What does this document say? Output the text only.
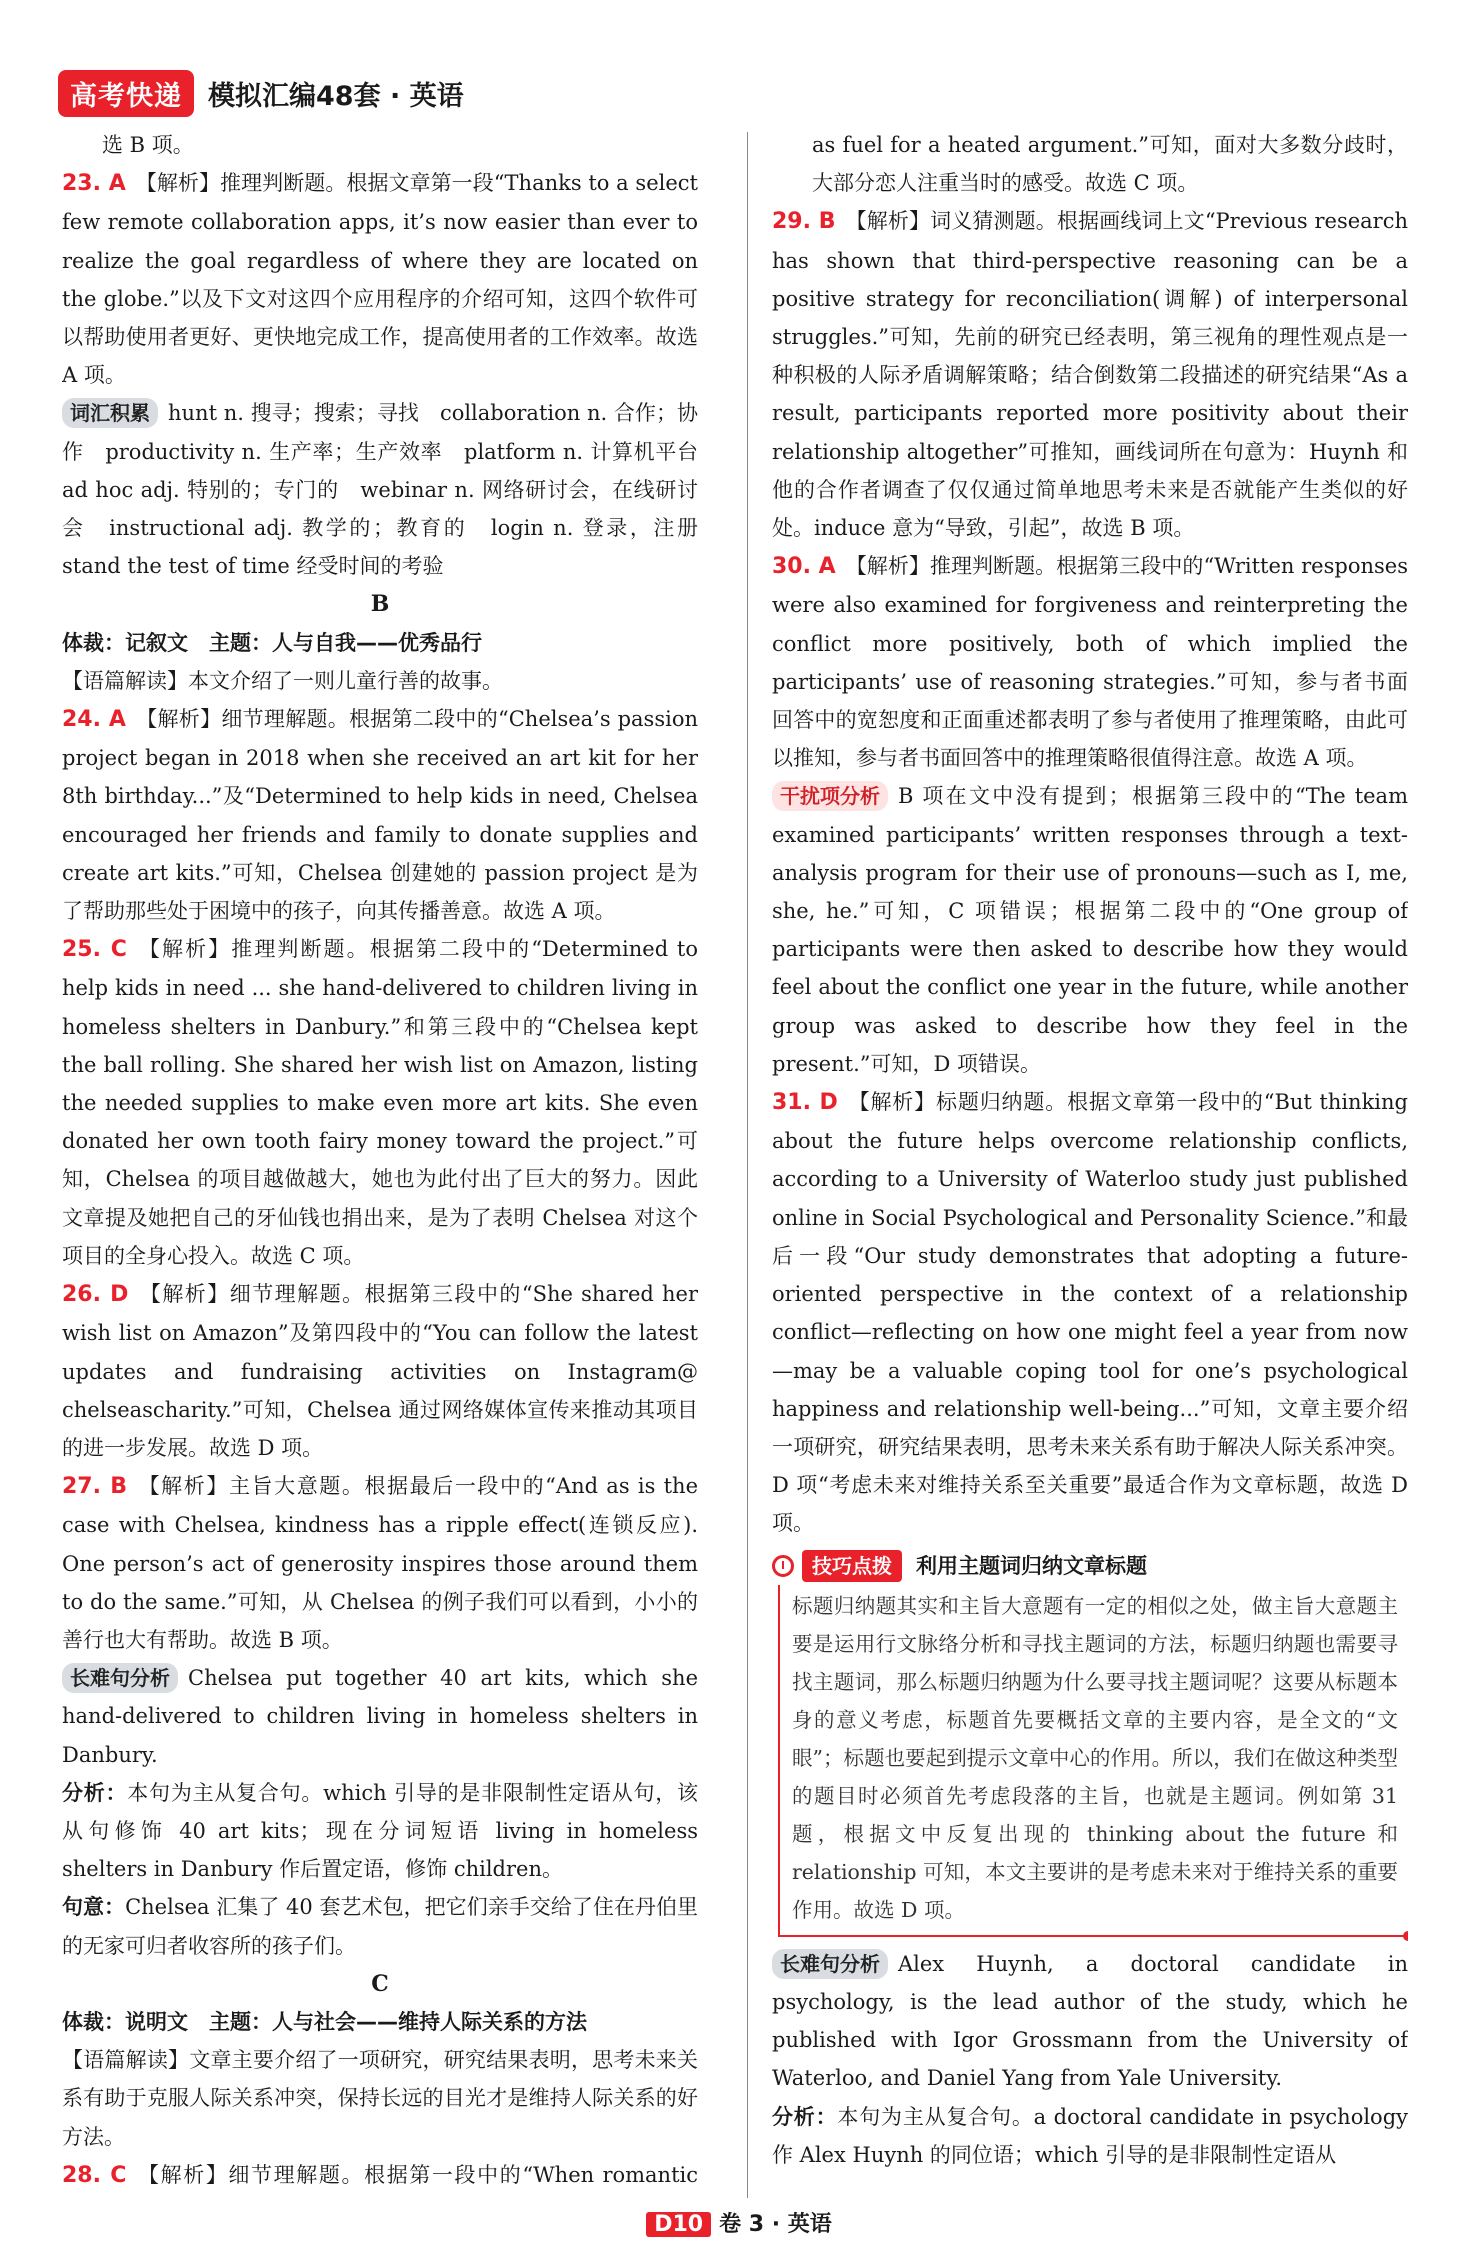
高考快递 模拟汇编48套 · 英语

选 B 项。

23. A 【解析】推理判断题。根据文章第一段“Thanks to a select few remote collaboration apps, it’s now easier than ever to realize the goal regardless of where they are located on the globe.”以及下文对这四个应用程序的介绍可知，这四个软件可以帮助使用者更好、更快地完成工作，提高使用者的工作效率。故选 A 项。

词汇积累 hunt n. 搜寻；搜索；寻找　collaboration n. 合作；协作　productivity n. 生产率；生产效率　platform n. 计算机平台　ad hoc adj. 特别的；专门的　webinar n. 网络研讨会，在线研讨会　instructional adj. 教学的；教育的　login n. 登录，注册　stand the test of time 经受时间的考验

B

体裁：记叙文　主题：人与自我——优秀品行

【语篇解读】本文介绍了一则儿童行善的故事。

24. A 【解析】细节理解题。根据第二段中的“Chelsea’s passion project began in 2018 when she received an art kit for her 8th birthday...”及“Determined to help kids in need, Chelsea encouraged her friends and family to donate supplies and create art kits.”可知，Chelsea 创建她的 passion project 是为了帮助那些处于困境中的孩子，向其传播善意。故选 A 项。

25. C 【解析】推理判断题。根据第二段中的“Determined to help kids in need ... she hand-delivered to children living in homeless shelters in Danbury.”和第三段中的“Chelsea kept the ball rolling. She shared her wish list on Amazon, listing the needed supplies to make even more art kits. She even donated her own tooth fairy money toward the project.”可知，Chelsea 的项目越做越大，她也为此付出了巨大的努力。因此文章提及她把自己的牙仙钱也捐出来，是为了表明 Chelsea 对这个项目的全身心投入。故选 C 项。

26. D 【解析】细节理解题。根据第三段中的“She shared her wish list on Amazon”及第四段中的“You can follow the latest updates and fundraising activities on Instagram@ chelseascharity.”可知，Chelsea 通过网络媒体宣传来推动其项目的进一步发展。故选 D 项。

27. B 【解析】主旨大意题。根据最后一段中的“And as is the case with Chelsea, kindness has a ripple effect(连锁反应). One person’s act of generosity inspires those around them to do the same.”可知，从 Chelsea 的例子我们可以看到，小小的善行也大有帮助。故选 B 项。

长难句分析 Chelsea put together 40 art kits, which she hand-delivered to children living in homeless shelters in Danbury.

分析：本句为主从复合句。which 引导的是非限制性定语从句，该从句修饰 40 art kits；现在分词短语 living in homeless shelters in Danbury 作后置定语，修饰 children。

句意：Chelsea 汇集了 40 套艺术包，把它们亲手交给了住在丹伯里的无家可归者收容所的孩子们。

C

体裁：说明文　主题：人与社会——维持人际关系的方法

【语篇解读】文章主要介绍了一项研究，研究结果表明，思考未来关系有助于克服人际关系冲突，保持长远的目光才是维持人际关系的好方法。

28. C 【解析】细节理解题。根据第一段中的“When romantic

as fuel for a heated argument.”可知，面对大多数分歧时，大部分恋人注重当时的感受。故选 C 项。

29. B 【解析】词义猜测题。根据画线词上文“Previous research has shown that third-perspective reasoning can be a positive strategy for reconciliation(调解) of interpersonal struggles.”可知，先前的研究已经表明，第三视角的理性观点是一种积极的人际矛盾调解策略；结合倒数第二段描述的研究结果“As a result, participants reported more positivity about their relationship altogether”可推知，画线词所在句意为：Huynh 和他的合作者调查了仅仅通过简单地思考未来是否就能产生类似的好处。induce 意为“导致，引起”，故选 B 项。

30. A 【解析】推理判断题。根据第三段中的“Written responses were also examined for forgiveness and reinterpreting the conflict more positively, both of which implied the participants’ use of reasoning strategies.”可知，参与者书面回答中的宽恕度和正面重述都表明了参与者使用了推理策略，由此可以推知，参与者书面回答中的推理策略很值得注意。故选 A 项。

干扰项分析 B 项在文中没有提到；根据第三段中的“The team examined participants’ written responses through a text-analysis program for their use of pronouns—such as I, me, she, he.”可知，C 项错误；根据第二段中的“One group of participants were then asked to describe how they would feel about the conflict one year in the future, while another group was asked to describe how they feel in the present.”可知，D 项错误。

31. D 【解析】标题归纳题。根据文章第一段中的“But thinking about the future helps overcome relationship conflicts, according to a University of Waterloo study just published online in Social Psychological and Personality Science.”和最后一段“Our study demonstrates that adopting a future-oriented perspective in the context of a relationship conflict—reflecting on how one might feel a year from now—may be a valuable coping tool for one’s psychological happiness and relationship well-being...”可知，文章主要介绍一项研究，研究结果表明，思考未来关系有助于解决人际关系冲突。D 项“考虑未来对维持关系至关重要”最适合作为文章标题，故选 D 项。

技巧点拨	利用主题词归纳文章标题

标题归纳题其实和主旨大意题有一定的相似之处，做主旨大意题主要是运用行文脉络分析和寻找主题词的方法，标题归纳题也需要寻找主题词，那么标题归纳题为什么要寻找主题词呢？这要从标题本身的意义考虑，标题首先要概括文章的主要内容，是全文的“文眼”；标题也要起到提示文章中心的作用。所以，我们在做这种类型的题目时必须首先考虑段落的主旨，也就是主题词。例如第 31 题，根据文中反复出现的 thinking about the future 和 relationship 可知，本文主要讲的是考虑未来对于维持关系的重要作用。故选 D 项。

长难句分析 Alex Huynh, a doctoral candidate in psychology, is the lead author of the study, which he published with Igor Grossmann from the University of Waterloo, and Daniel Yang from Yale University.

分析：本句为主从复合句。a doctoral candidate in psychology 作 Alex Huynh 的同位语；which 引导的是非限制性定语从

D10 卷 3 · 英语
